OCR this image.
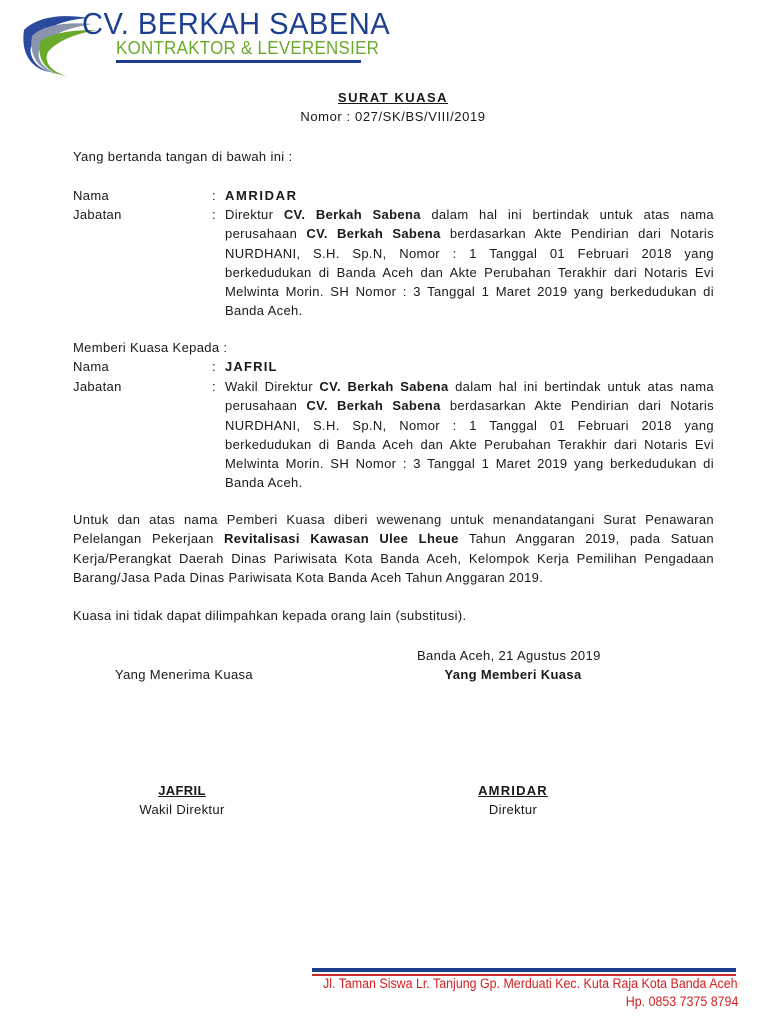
CV. BERKAH SABENA
KONTRAKTOR & LEVERENSIER
SURAT KUASA
Nomor : 027/SK/BS/VIII/2019
Yang bertanda tangan di bawah ini :
Nama	: AMRIDAR
Jabatan	: Direktur CV. Berkah Sabena dalam hal ini bertindak untuk atas nama perusahaan CV. Berkah Sabena berdasarkan Akte Pendirian dari Notaris NURDHANI, S.H. Sp.N, Nomor : 1 Tanggal 01 Februari 2018 yang berkedudukan di Banda Aceh dan Akte Perubahan Terakhir dari Notaris Evi Melwinta Morin. SH Nomor : 3 Tanggal 1 Maret 2019 yang berkedudukan di Banda Aceh.
Memberi Kuasa Kepada :
Nama	: JAFRIL
Jabatan	: Wakil Direktur CV. Berkah Sabena dalam hal ini bertindak untuk atas nama perusahaan CV. Berkah Sabena berdasarkan Akte Pendirian dari Notaris NURDHANI, S.H. Sp.N, Nomor : 1 Tanggal 01 Februari 2018 yang berkedudukan di Banda Aceh dan Akte Perubahan Terakhir dari Notaris Evi Melwinta Morin. SH Nomor : 3 Tanggal 1 Maret 2019 yang berkedudukan di Banda Aceh.
Untuk dan atas nama Pemberi Kuasa diberi wewenang untuk menandatangani Surat Penawaran Pelelangan Pekerjaan Revitalisasi Kawasan Ulee Lheue Tahun Anggaran 2019, pada Satuan Kerja/Perangkat Daerah Dinas Pariwisata Kota Banda Aceh, Kelompok Kerja Pemilihan Pengadaan Barang/Jasa Pada Dinas Pariwisata Kota Banda Aceh Tahun Anggaran 2019.
Kuasa ini tidak dapat dilimpahkan kepada orang lain (substitusi).
Banda Aceh, 21 Agustus 2019
Yang Menerima Kuasa	Yang Memberi Kuasa
JAFRIL
Wakil Direktur
AMRIDAR
Direktur
Jl. Taman Siswa Lr. Tanjung Gp. Merduati Kec. Kuta Raja Kota Banda Aceh
Hp. 0853 7375 8794
